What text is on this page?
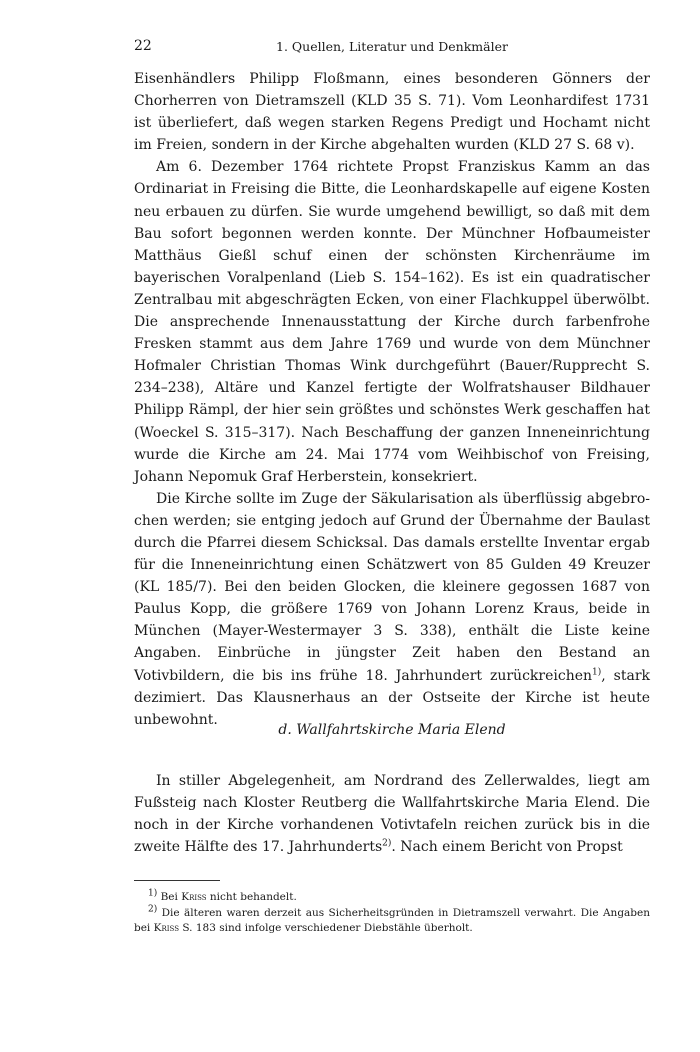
22	1. Quellen, Literatur und Denkmäler

Eisenhändlers Philipp Floßmann, eines besonderen Gönners der Chorherren von Dietramszell (KLD 35 S. 71). Vom Leonhardifest 1731 ist überliefert, daß wegen starken Regens Predigt und Hochamt nicht im Freien, sondern in der Kirche abgehalten wurden (KLD 27 S. 68 v).

Am 6. Dezember 1764 richtete Propst Franziskus Kamm an das Ordinariat in Freising die Bitte, die Leonhardskapelle auf eigene Kosten neu erbauen zu dürfen. Sie wurde umgehend bewilligt, so daß mit dem Bau sofort begonnen werden konnte. Der Münchner Hofbaumeister Matthäus Gießl schuf einen der schönsten Kirchenräume im bayerischen Voralpenland (Lieb S. 154–162). Es ist ein quadratischer Zentralbau mit abgeschrägten Ecken, von einer Flachkuppel überwölbt. Die ansprechende Innenausstattung der Kirche durch farbenfrohe Fresken stammt aus dem Jahre 1769 und wurde von dem Münchner Hofmaler Christian Thomas Wink durchgeführt (Bauer/Rupprecht S. 234–238), Altäre und Kanzel fertigte der Wolfratshauser Bildhauer Philipp Rämpl, der hier sein größtes und schönstes Werk geschaffen hat (Woeckel S. 315–317). Nach Beschaffung der ganzen Inneneinrichtung wurde die Kirche am 24. Mai 1774 vom Weihbischof von Freising, Johann Nepomuk Graf Herberstein, konsekriert.

Die Kirche sollte im Zuge der Säkularisation als überflüssig abgebrochen werden; sie entging jedoch auf Grund der Übernahme der Baulast durch die Pfarrei diesem Schicksal. Das damals erstellte Inventar ergab für die Inneneinrichtung einen Schätzwert von 85 Gulden 49 Kreuzer (KL 185/7). Bei den beiden Glocken, die kleinere gegossen 1687 von Paulus Kopp, die größere 1769 von Johann Lorenz Kraus, beide in München (Mayer-Westermayer 3 S. 338), enthält die Liste keine Angaben. Einbrüche in jüngster Zeit haben den Bestand an Votivbildern, die bis ins frühe 18. Jahrhundert zurückreichen$^{1)}$, stark dezimiert. Das Klausnerhaus an der Ostseite der Kirche ist heute unbewohnt.

d. Wallfahrtskirche Maria Elend

In stiller Abgelegenheit, am Nordrand des Zellerwaldes, liegt am Fußsteig nach Kloster Reutberg die Wallfahrtskirche Maria Elend. Die noch in der Kirche vorhandenen Votivtafeln reichen zurück bis in die zweite Hälfte des 17. Jahrhunderts$^{2)}$. Nach einem Bericht von Propst

$^{1)}$ Bei Kriss nicht behandelt.

$^{2)}$ Die älteren waren derzeit aus Sicherheitsgründen in Dietramszell verwahrt. Die Angaben bei Kriss S. 183 sind infolge verschiedener Diebstähle überholt.
